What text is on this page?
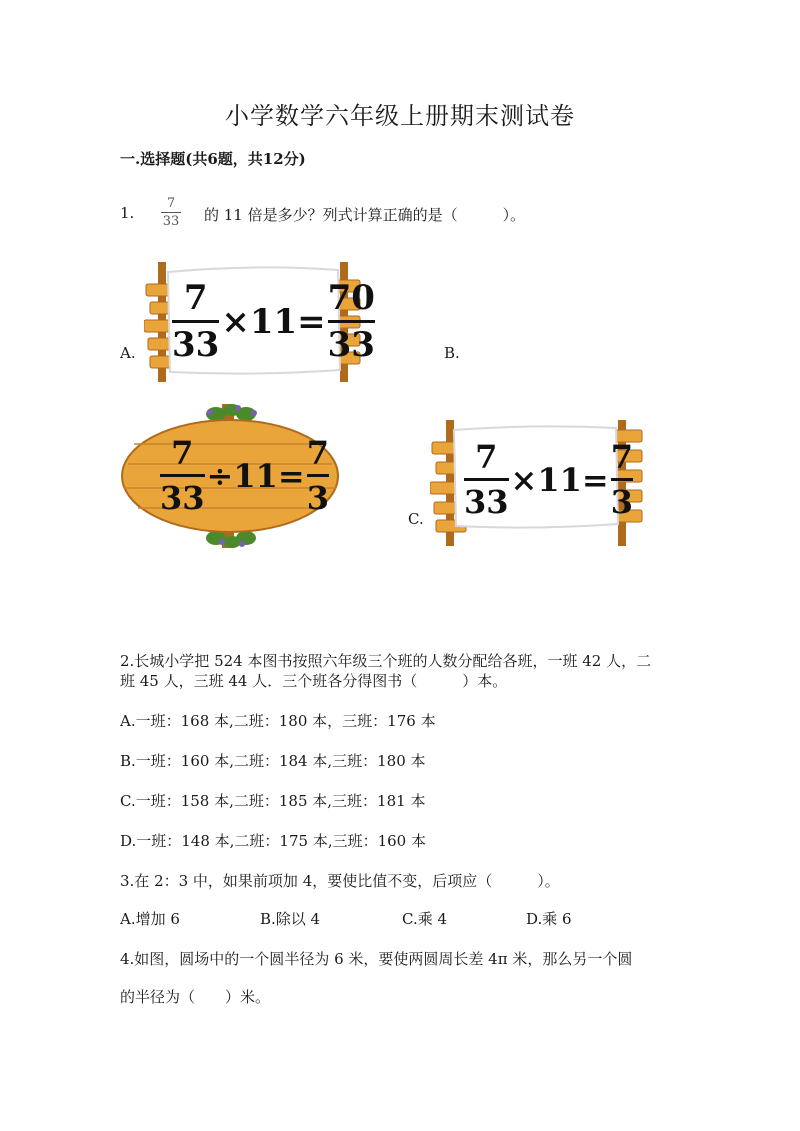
小学数学六年级上册期末测试卷
一.选择题(共6题，共12分)
1.
7
33 的 11 倍是多少？列式计算正确的是（　　　）。
A.
7
33
×11=
70
33	B.
7
33
÷11=
7
3
C.
7
33
×11=
7
3
2.长城小学把 524 本图书按照六年级三个班的人数分配给各班，一班 42 人，二
班 45 人，三班 44 人．三个班各分得图书（　　　）本。
A.一班：168 本,二班：180 本，三班：176 本
B.一班：160 本,二班：184 本,三班：180 本
C.一班：158 本,二班：185 本,三班：181 本
D.一班：148 本,二班：175 本,三班：160 本
3.在 2：3 中，如果前项加 4，要使比值不变，后项应（　　　）。
A.增加 6	B.除以 4	C.乘 4	D.乘 6
4.如图，圆场中的一个圆半径为 6 米，要使两圆周长差 4π 米，那么另一个圆
的半径为（　　）米。
